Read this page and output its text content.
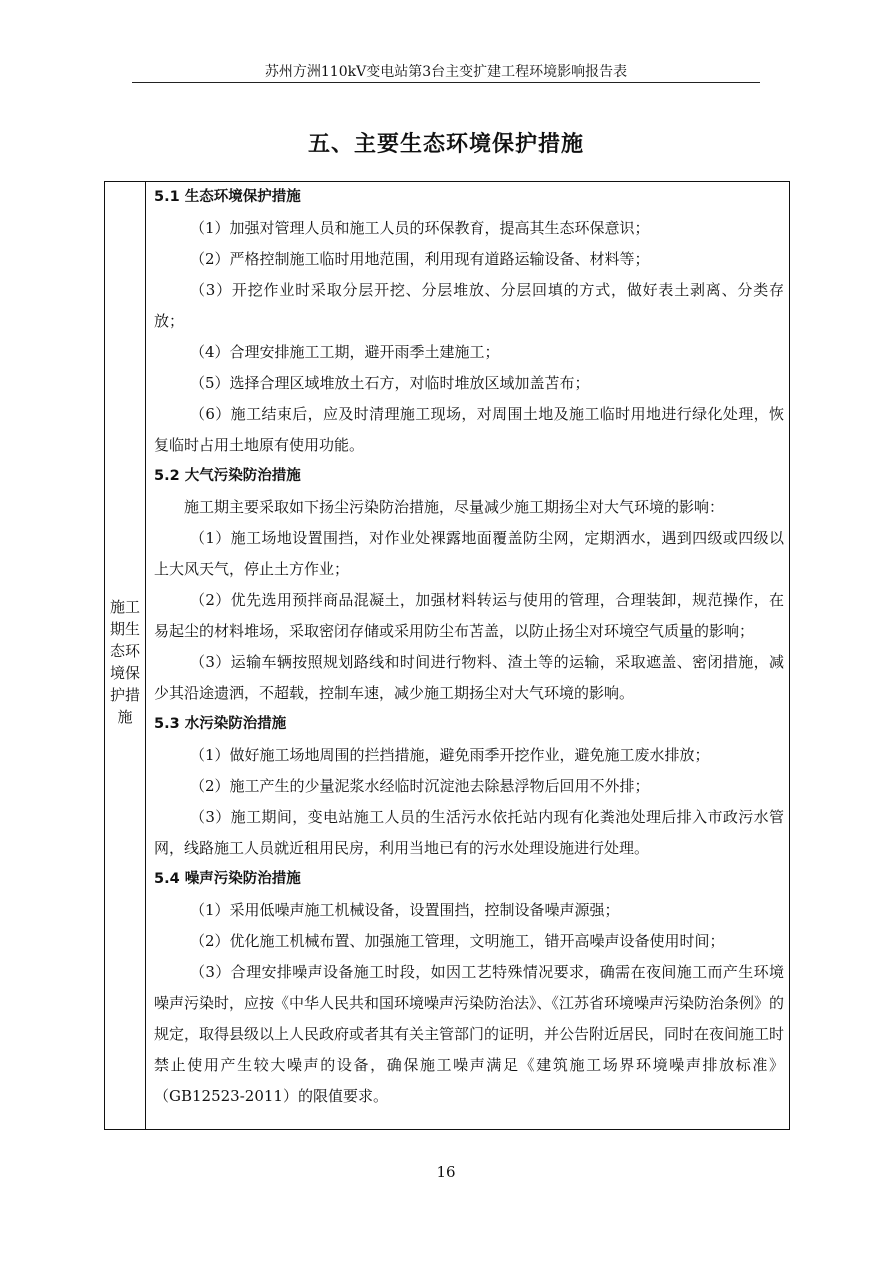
苏州方洲110kV变电站第3台主变扩建工程环境影响报告表
五、主要生态环境保护措施
施工
期生
态环
境保
护措
施
5.1 生态环境保护措施

（1）加强对管理人员和施工人员的环保教育，提高其生态环保意识；

（2）严格控制施工临时用地范围，利用现有道路运输设备、材料等；

（3）开挖作业时采取分层开挖、分层堆放、分层回填的方式，做好表土剥离、分类存放；

（4）合理安排施工工期，避开雨季土建施工；

（5）选择合理区域堆放土石方，对临时堆放区域加盖苫布；

（6）施工结束后，应及时清理施工现场，对周围土地及施工临时用地进行绿化处理，恢复临时占用土地原有使用功能。

5.2 大气污染防治措施

施工期主要采取如下扬尘污染防治措施，尽量减少施工期扬尘对大气环境的影响：

（1）施工场地设置围挡，对作业处裸露地面覆盖防尘网，定期洒水，遇到四级或四级以上大风天气，停止土方作业；

（2）优先选用预拌商品混凝土，加强材料转运与使用的管理，合理装卸，规范操作，在易起尘的材料堆场，采取密闭存储或采用防尘布苫盖，以防止扬尘对环境空气质量的影响；

（3）运输车辆按照规划路线和时间进行物料、渣土等的运输，采取遮盖、密闭措施，减少其沿途遗洒，不超载，控制车速，减少施工期扬尘对大气环境的影响。

5.3 水污染防治措施

（1）做好施工场地周围的拦挡措施，避免雨季开挖作业，避免施工废水排放；

（2）施工产生的少量泥浆水经临时沉淀池去除悬浮物后回用不外排；

（3）施工期间，变电站施工人员的生活污水依托站内现有化粪池处理后排入市政污水管网，线路施工人员就近租用民房，利用当地已有的污水处理设施进行处理。

5.4 噪声污染防治措施

（1）采用低噪声施工机械设备，设置围挡，控制设备噪声源强；

（2）优化施工机械布置、加强施工管理，文明施工，错开高噪声设备使用时间；

（3）合理安排噪声设备施工时段，如因工艺特殊情况要求，确需在夜间施工而产生环境噪声污染时，应按《中华人民共和国环境噪声污染防治法》、《江苏省环境噪声污染防治条例》的规定，取得县级以上人民政府或者其有关主管部门的证明，并公告附近居民，同时在夜间施工时禁止使用产生较大噪声的设备，确保施工噪声满足《建筑施工场界环境噪声排放标准》（GB12523-2011）的限值要求。

16
